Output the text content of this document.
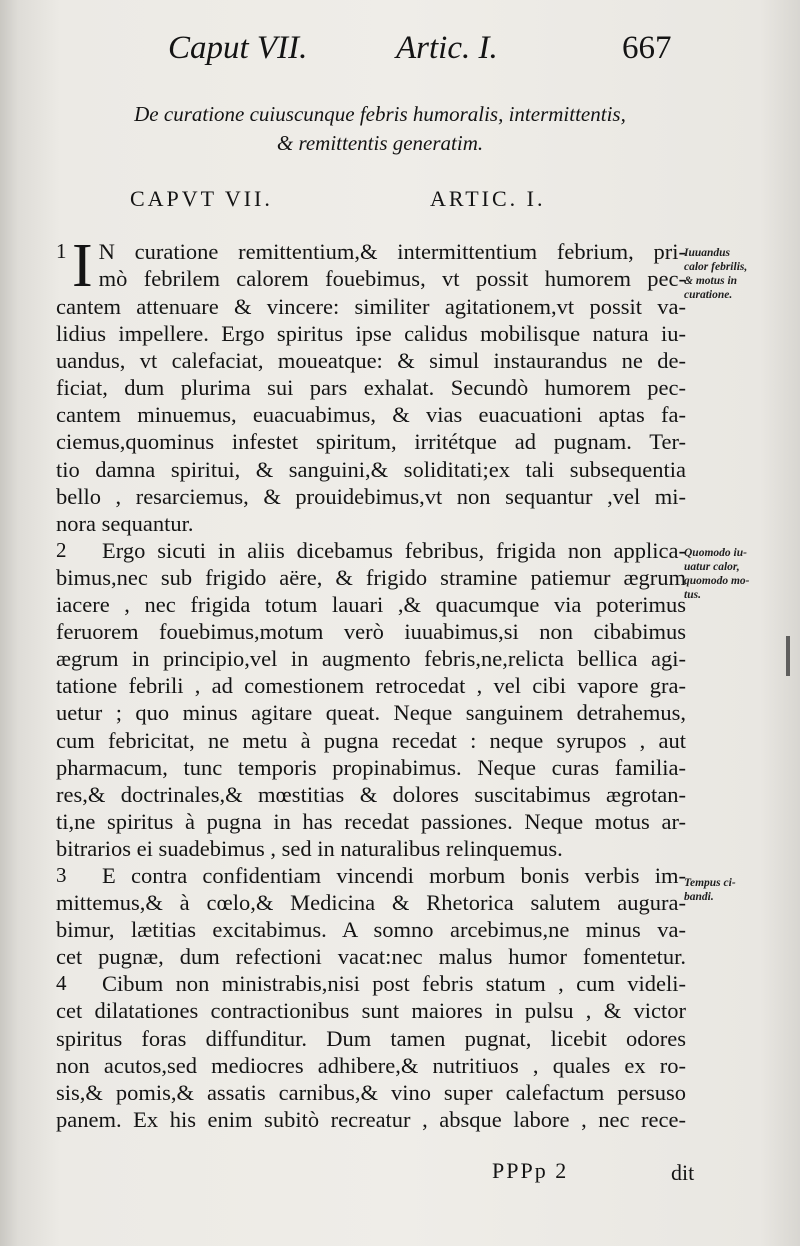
Caput VII.	Artic. I.	667
De curatione cuiuscunque febris humoralis, intermittentis,
& remittentis generatim.
CAPVT VII.	ARTIC. I.
1 I N curatione remittentium,& intermittentium febrium, pri-
mò febrilem calorem fouebimus, vt possit humorem pec-
cantem attenuare & vincere: similiter agitationem,vt possit va-
lidius impellere. Ergo spiritus ipse calidus mobilisque natura iu-
uandus, vt calefaciat, moueatque: & simul instaurandus ne de-
ficiat, dum plurima sui pars exhalat. Secundò humorem pec-
cantem minuemus, euacuabimus, & vias euacuationi aptas fa-
ciemus,quominus infestet spiritum, irritétque ad pugnam. Ter-
tio damna spiritui, & sanguini,& soliditati;ex tali subsequentia
bello , resarciemus, & prouidebimus,vt non sequantur ,vel mi-
nora sequantur.
2	Ergo sicuti in aliis dicebamus febribus, frigida non applica-
bimus,nec sub frigido aëre, & frigido stramine patiemur ægrum
iacere , nec frigida totum lauari ,& quacumque via poterimus
feruorem fouebimus,motum verò iuuabimus,si non cibabimus
ægrum in principio,vel in augmento febris,ne,relicta bellica agi-
tatione febrili , ad comestionem retrocedat , vel cibi vapore gra-
uetur ; quo minus agitare queat. Neque sanguinem detrahemus,
cum febricitat, ne metu à pugna recedat : neque syrupos , aut
pharmacum, tunc temporis propinabimus. Neque curas familia-
res,& doctrinales,& mœstitias & dolores suscitabimus ægrotan-
ti,ne spiritus à pugna in has recedat passiones. Neque motus ar-
bitrarios ei suadebimus , sed in naturalibus relinquemus.
3	E contra confidentiam vincendi morbum bonis verbis im-
mittemus,& à cœlo,& Medicina & Rhetorica salutem augura-
bimur, lætitias excitabimus. A somno arcebimus,ne minus va-
cet pugnæ, dum refectioni vacat:nec malus humor fomentetur.
4	Cibum non ministrabis,nisi post febris statum , cum videli-
cet dilatationes contractionibus sunt maiores in pulsu , & victor
spiritus foras diffunditur. Dum tamen pugnat, licebit odores
non acutos,sed mediocres adhibere,& nutritiuos , quales ex ro-
sis,& pomis,& assatis carnibus,& vino super calefactum persuso
panem. Ex his enim subitò recreatur , absque labore , nec rece-
Iuuandus
calor febrilis,
& motus in
curatione.
Quomodo iu-
uatur calor,
quomodo mo-
tus.
Tempus ci-
bandi.
PPPp 2	dit
